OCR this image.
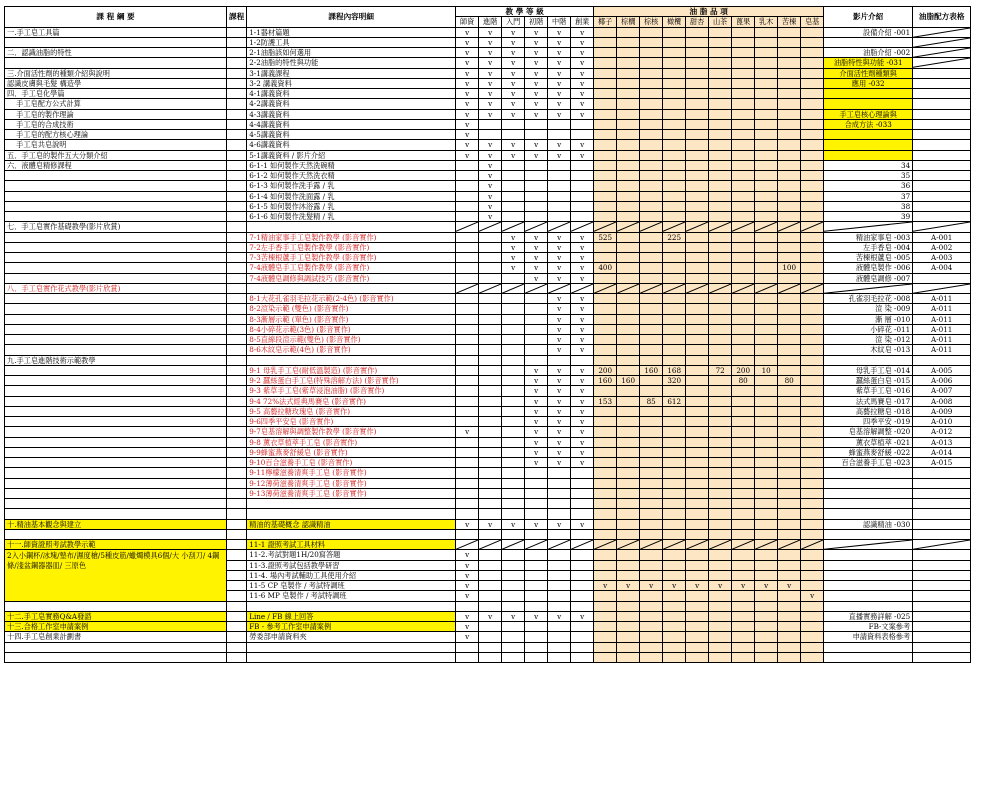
課 程 綱 要	課程	課程內容明細	教 學 等 級						油 脂 品 項										影片介紹	油脂配方表格
			師資	進階	入門	初階	中階	創業	椰子	棕櫚	棕核	橄欖	甜杏	山茶	蓖果	乳木	苦楝	皂基		
一.手工皂工具篇		1-1器材篇題	v	v	v	v	v	v											設備介紹 -001	

		1-2防護工具	v	v	v	v	v	v												

二．認識油脂的特性		2-1油脂該如何選用	v	v	v	v	v	v											油脂介紹 -002	

		2-2油脂的特性與功能	v	v	v	v	v	v											油脂特性與功能 -031	

三.介面活性劑的種類介紹與說明		3-1講義課程	v	v	v	v	v	v											介面活性劑種類與	
認識皮膚與毛髮 構造學		3-2 講義資料	v	v	v	v	v	v											應用 -032	
四．手工皂化學篇		4-1講義資料	v	v	v	v	v	v												
手工皂配方公式計算		4-2講義資料	v	v	v	v	v	v												
手工皂的製作理論		4-3講義資料	v	v	v	v	v	v											手工皂核心理論與	
手工皂的合成技術		4-4講義資料	v																合成方法 -033	
手工皂的配方核心理論		4-5講義資料	v																	
手工皂共皂說明		4-6講義資料	v	v	v	v	v	v												
五．手工皂的製作五大分類介紹		5-1講義資料 / 影片介紹	v	v	v	v	v	v												
六．液體皂精修課程		6-1-1 如何製作天然洗碗精		v															34	
		6-1-2 如何製作天然洗衣精		v															35	
		6-1-3 如何製作洗手露 / 乳		v															36	
		6-1-4 如何製作洗面露 / 乳		v															37	
		6-1-5 如何製作沐浴露 / 乳		v															38	
		6-1-6 如何製作洗髮精 / 乳		v															39	
七．手工皂實作基礎教學(影片欣賞)			

		7-1精油家事手工皂製作教學 (影音實作)			v	v	v	v	525			225							精油家事皂 -003	A-001
		7-2左手香手工皂製作教學 (影音實作)			v	v	v	v											左手香皂 -004	A-002
		7-3苦楝根蘆手工皂製作教學 (影音實作)			v	v	v	v											苦楝根蘆皂 -005	A-003
		7-4液體皂手工皂製作教學 (影音實作)			v	v	v	v	400								100		液體皂製作 -006	A-004
		7-4液體皂調修與調試技巧 (影音實作)				v	v	v											液體皂調修 -007	
八．手工皂實作花式教學(影片欣賞)			

		8-1大花孔雀羽毛拉花示範(2-4色) (影音實作)					v	v											孔雀羽毛拉花 -008	A-011
		8-2渲染示範 (雙色) (影音實作)					v	v											渲 染 -009	A-011
		8-3漸層示範 (單色) (影音實作)					v	v											漸 層 -010	A-011
		8-4小碎花示範(3色) (影音實作)					v	v											小碎花 -011	A-011
		8-5直線段渲示範(雙色) (影音實作)					v	v											渲 染 -012	A-011
		8-6木紋皂示範(4色) (影音實作)					v	v											木紋皂 -013	A-011
九.手工皂進階技術示範教學																				
		9-1 母乳手工皂(耐低溫製造) (影音實作)				v	v	v	200		160	168		72	200	10			母乳手工皂 -014	A-005
		9-2 蠶絲蛋白手工皂(特殊溶解方法) (影音實作)				v	v	v	160	160		320			80		80		蠶絲蛋白皂 -015	A-006
		9-3 紫草手工皂(紫草浸泡油脂) (影音實作)				v	v	v											紫草手工皂 -016	A-007
		9-4 72%法式經典馬賽皂 (影音實作)				v	v	v	153		85	612							法式馬賽皂 -017	A-008
		9-5 高藝拉糖玫瑰皂 (影音實作)				v	v	v											高藝拉糖皂 -018	A-009
		9-6四季平安皂 (影音實作)				v	v	v											四季平安 -019	A-010
		9-7皂基溶解與調整製作教學 (影音實作)	v			v	v	v											皂基溶解調整 -020	A-012
		9-8 薰衣草植萃手工皂 (影音實作)				v	v	v											薰衣草植萃 -021	A-013
		9-9蜂蜜燕麥舒緩皂 (影音實作)				v	v	v											蜂蜜燕麥舒緩 -022	A-014
		9-10百合滋養手工皂 (影音實作)				v	v	v											百合滋養手工皂 -023	A-015
		9-11檸檬滋養清爽手工皂 (影音實作)																		
		9-12薄荷滋養清爽手工皂 (影音實作)																		
		9-13薄荷滋養清爽手工皂 (影音實作)																		

十.精油基本觀念與建立		精油的基礎概念 認識精油	v	v	v	v	v	v											認識精油 -030	

十一.師資證照考試教學示範		11-1 證照考試工具材料	

2入小鋼杯/冰塊/墊布/濕度槍/5種皮筋/蠟燭模具6個/大 小刮刀/ 4鋼條/淺盆鋼器器皿/ 三原色		11-2.考試對題1H/20寫答題	v																	
		11-3.證照考試包括教學研習	v																	
		11-4. 場內考試輔助工具使用介紹	v																	
		11-5 CP 皂製作 / 考試特調班	v						v	v	v	v	v	v	v	v	v			
		11-6 MP 皂製作 / 考試特調班	v															v		

十二.手工皂實務Q&A發諮		Line / FB 線上回答	v	v	v	v	v	v											直播實務詳解 -025	
十三.合格工作室申請案例		FB - 參考工作室申請案例	v																FB-文案參考	
十四.手工皂創業計劃書		勞委部申請資料夾	v																申請資料表格參考	
